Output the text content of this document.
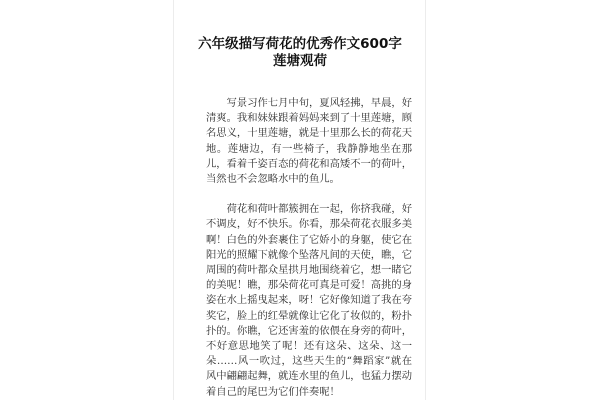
六年级描写荷花的优秀作文600字 莲塘观荷

写景习作七月中旬，夏风轻拂，早晨，好清爽。我和妹妹跟着妈妈来到了十里莲塘，顾名思义，十里莲塘，就是十里那么长的荷花天地。莲塘边，有一些椅子，我静静地坐在那儿，看着千姿百态的荷花和高矮不一的荷叶，当然也不会忽略水中的鱼儿。

荷花和荷叶都簇拥在一起，你挤我碰，好不调皮，好不快乐。你看，那朵荷花衣服多美啊！白色的外套裹住了它娇小的身躯，使它在阳光的照耀下就像个坠落凡间的天使，瞧，它周围的荷叶都众星拱月地围绕着它，想一睹它的美呢！瞧，那朵荷花可真是可爱！高挑的身姿在水上摇曳起来，呀！它好像知道了我在夸奖它，脸上的红晕就像让它化了妆似的，粉扑扑的。你瞧，它还害羞的依偎在身旁的荷叶，不好意思地笑了呢！还有这朵、这朵、这一朵……风一吹过，这些天生的“舞蹈家”就在风中翩翩起舞，就连水里的鱼儿，也猛力摆动着自己的尾巴为它们伴奏呢！
